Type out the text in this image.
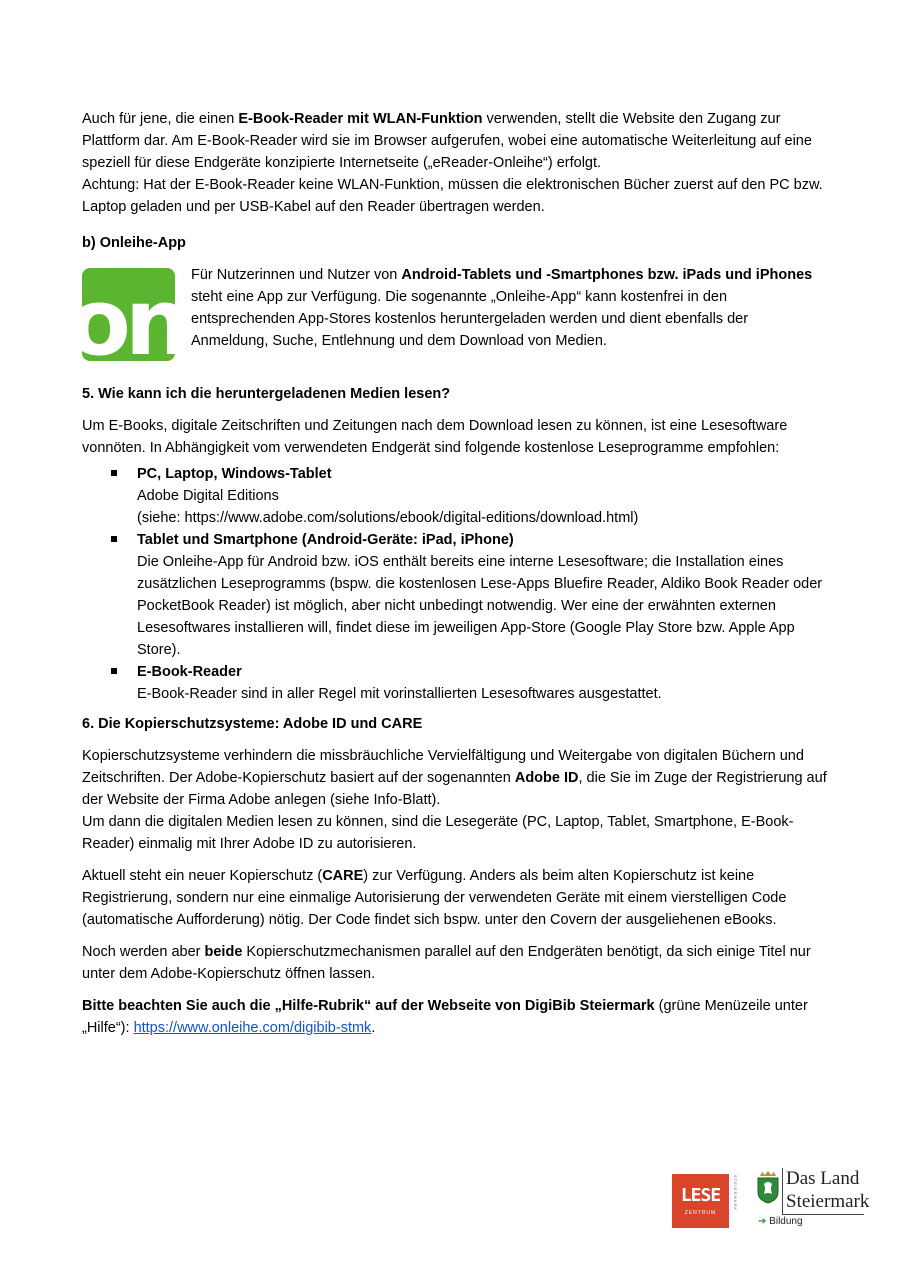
Auch für jene, die einen E-Book-Reader mit WLAN-Funktion verwenden, stellt die Website den Zugang zur Plattform dar. Am E-Book-Reader wird sie im Browser aufgerufen, wobei eine automatische Weiterleitung auf eine speziell für diese Endgeräte konzipierte Internetseite („eReader-Onleihe“) erfolgt.

Achtung: Hat der E-Book-Reader keine WLAN-Funktion, müssen die elektronischen Bücher zuerst auf den PC bzw. Laptop geladen und per USB-Kabel auf den Reader übertragen werden.

b) Onleihe-App

on Für Nutzerinnen und Nutzer von Android-Tablets und -Smartphones bzw. iPads und iPhones steht eine App zur Verfügung. Die sogenannte „Onleihe-App“ kann kostenfrei in den entsprechenden App-Stores kostenlos heruntergeladen werden und dient ebenfalls der Anmeldung, Suche, Entlehnung und dem Download von Medien.

5. Wie kann ich die heruntergeladenen Medien lesen?

Um E-Books, digitale Zeitschriften und Zeitungen nach dem Download lesen zu können, ist eine Lesesoftware vonnöten. In Abhängigkeit vom verwendeten Endgerät sind folgende kostenlose Leseprogramme empfohlen:

PC, Laptop, Windows-Tablet
Adobe Digital Editions
(siehe: https://www.adobe.com/solutions/ebook/digital-editions/download.html)
Tablet und Smartphone (Android-Geräte: iPad, iPhone)
Die Onleihe-App für Android bzw. iOS enthält bereits eine interne Lesesoftware; die Installation eines zusätzlichen Leseprogramms (bspw. die kostenlosen Lese-Apps Bluefire Reader, Aldiko Book Reader oder PocketBook Reader) ist möglich, aber nicht unbedingt notwendig. Wer eine der erwähnten externen Lesesoftwares installieren will, findet diese im jeweiligen App-Store (Google Play Store bzw. Apple App Store).
E-Book-Reader
E-Book-Reader sind in aller Regel mit vorinstallierten Lesesoftwares ausgestattet.

6. Die Kopierschutzsysteme: Adobe ID und CARE

Kopierschutzsysteme verhindern die missbräuchliche Vervielfältigung und Weitergabe von digitalen Büchern und Zeitschriften. Der Adobe-Kopierschutz basiert auf der sogenannten Adobe ID, die Sie im Zuge der Registrierung auf der Website der Firma Adobe anlegen (siehe Info-Blatt).

Um dann die digitalen Medien lesen zu können, sind die Lesegeräte (PC, Laptop, Tablet, Smartphone, E-Book-Reader) einmalig mit Ihrer Adobe ID zu autorisieren.

Aktuell steht ein neuer Kopierschutz (CARE) zur Verfügung. Anders als beim alten Kopierschutz ist keine Registrierung, sondern nur eine einmalige Autorisierung der verwendeten Geräte mit einem vierstelligen Code (automatische Aufforderung) nötig. Der Code findet sich bspw. unter den Covern der ausgeliehenen eBooks.

Noch werden aber beide Kopierschutzmechanismen parallel auf den Endgeräten benötigt, da sich einige Titel nur unter dem Adobe-Kopierschutz öffnen lassen.

Bitte beachten Sie auch die „Hilfe-Rubrik“ auf der Webseite von DigiBib Steiermark (grüne Menüzeile unter „Hilfe“): https://www.onleihe.com/digibib-stmk.

LESE
ZENTRUM
STEIERMARK	Das Land
Steiermark
➔ Bildung
